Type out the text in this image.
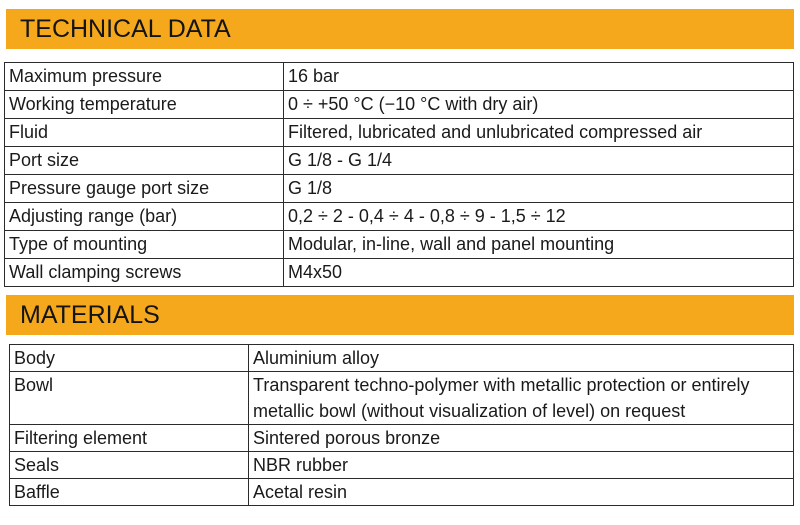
TECHNICAL DATA
Maximum pressure	16 bar
Working temperature	0 ÷ +50 °C (−10 °C with dry air)
Fluid	Filtered, lubricated and unlubricated compressed air
Port size	G 1/8 - G 1/4
Pressure gauge port size	G 1/8
Adjusting range (bar)	0,2 ÷ 2 - 0,4 ÷ 4 - 0,8 ÷ 9 - 1,5 ÷ 12
Type of mounting	Modular, in-line, wall and panel mounting
Wall clamping screws	M4x50
MATERIALS
Body	Aluminium alloy
Bowl	Transparent techno-polymer with metallic protection or entirely metallic bowl (without visualization of level) on request
Filtering element	Sintered porous bronze
Seals	NBR rubber
Baffle	Acetal resin
